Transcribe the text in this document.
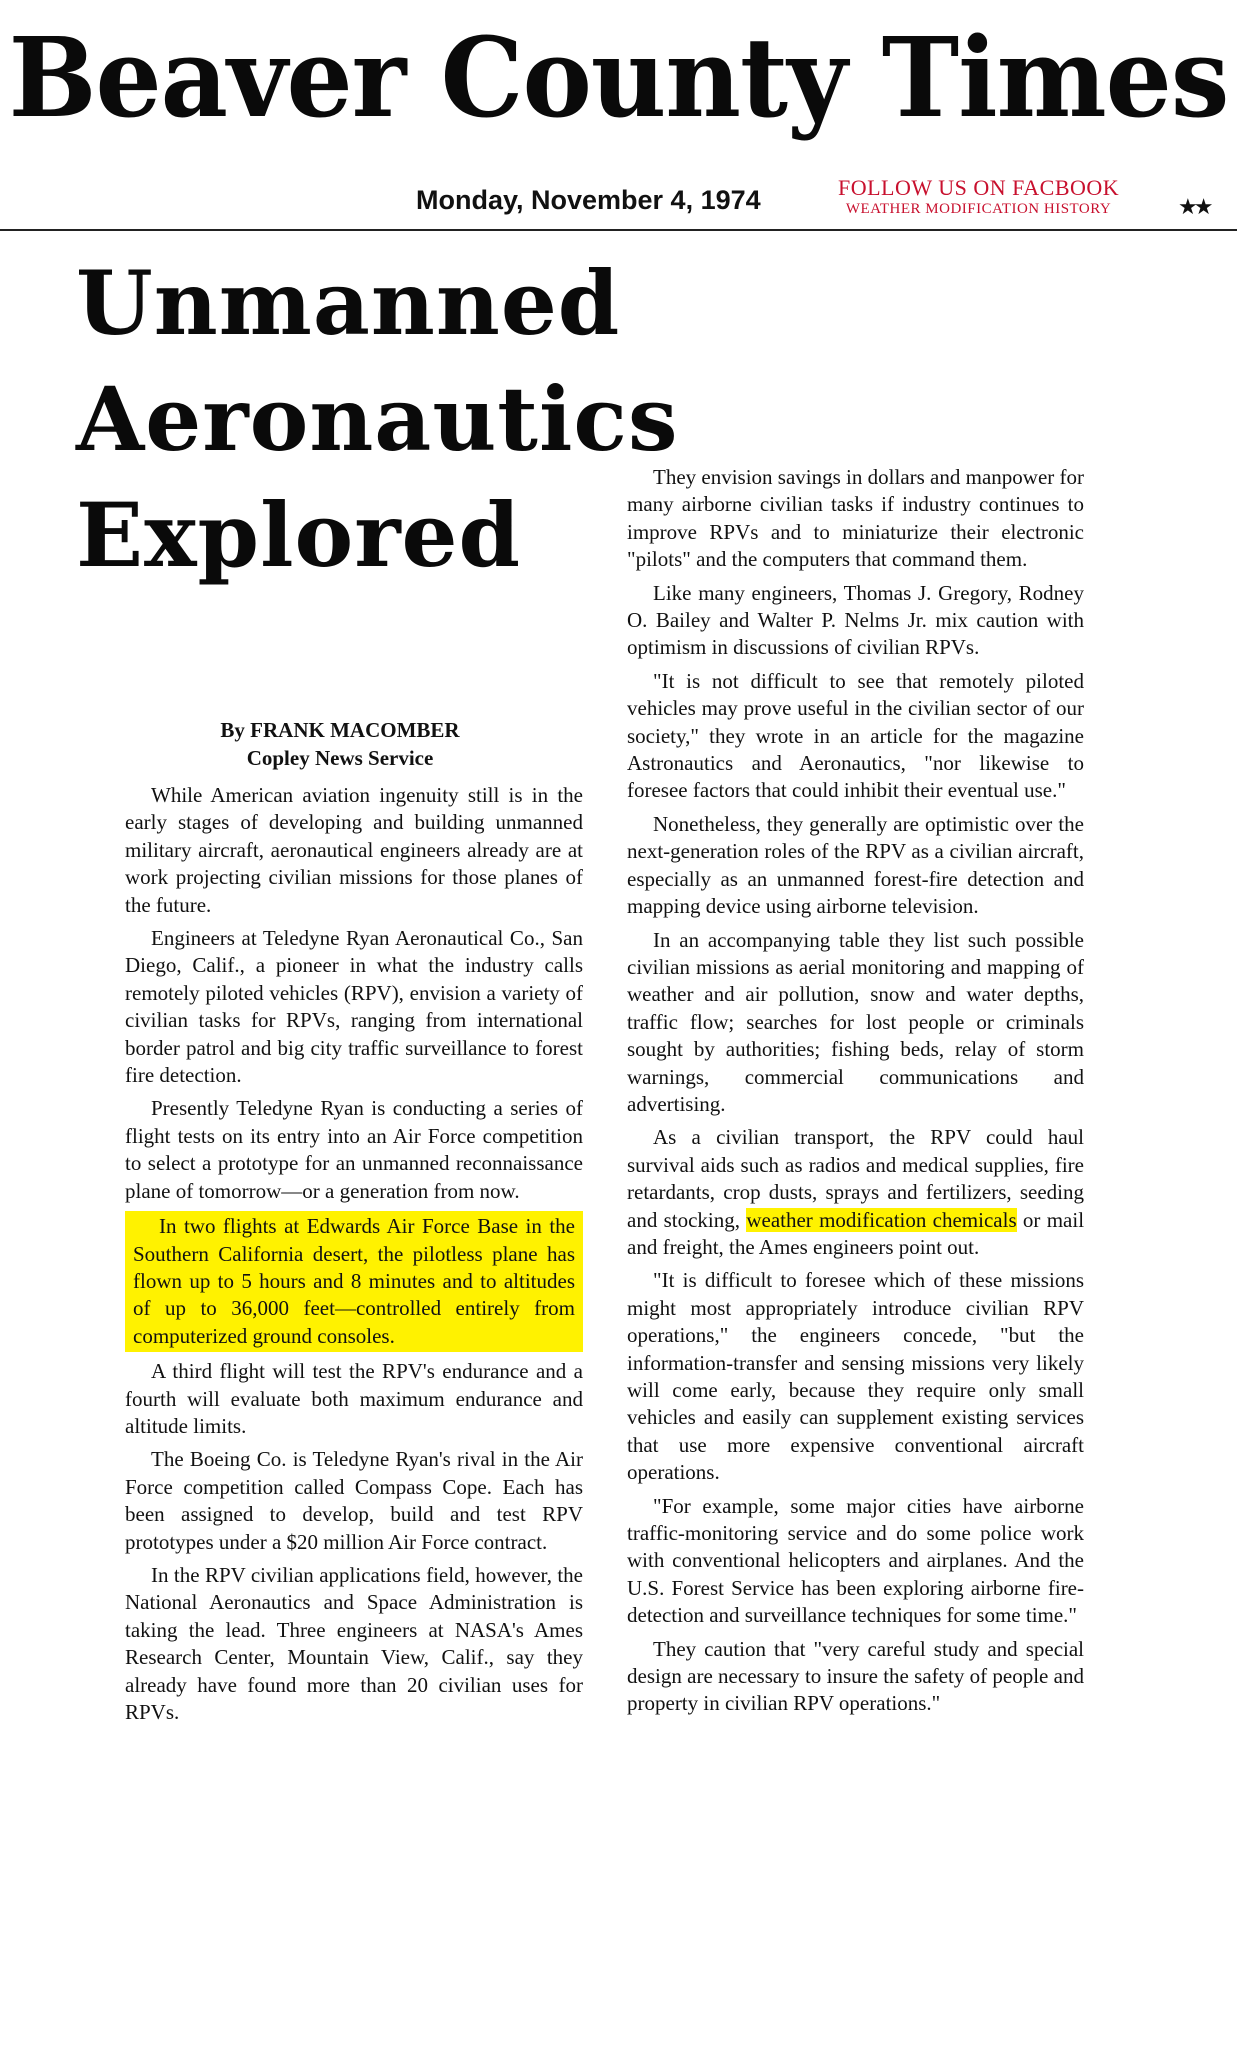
Beaver County Times
Monday, November 4, 1974	FOLLOW US ON FACBOOK
WEATHER MODIFICATION HISTORY	★★
Unmanned
Aeronautics
Explored
By FRANK MACOMBER
Copley News Service

While American aviation ingenuity still is in the early stages of developing and building unmanned military aircraft, aeronautical engineers already are at work projecting civilian missions for those planes of the future.

Engineers at Teledyne Ryan Aeronautical Co., San Diego, Calif., a pioneer in what the industry calls remotely piloted vehicles (RPV), envision a variety of civilian tasks for RPVs, ranging from international border patrol and big city traffic surveillance to forest fire detection.

Presently Teledyne Ryan is conducting a series of flight tests on its entry into an Air Force competition to select a prototype for an unmanned reconnaissance plane of tomorrow—or a generation from now.

In two flights at Edwards Air Force Base in the Southern California desert, the pilotless plane has flown up to 5 hours and 8 minutes and to altitudes of up to 36,000 feet—controlled entirely from computerized ground consoles.

A third flight will test the RPV's endurance and a fourth will evaluate both maximum endurance and altitude limits.

The Boeing Co. is Teledyne Ryan's rival in the Air Force competition called Compass Cope. Each has been assigned to develop, build and test RPV prototypes under a $20 million Air Force contract.

In the RPV civilian applications field, however, the National Aeronautics and Space Administration is taking the lead. Three engineers at NASA's Ames Research Center, Mountain View, Calif., say they already have found more than 20 civilian uses for RPVs.

They envision savings in dollars and manpower for many airborne civilian tasks if industry continues to improve RPVs and to miniaturize their electronic "pilots" and the computers that command them.

Like many engineers, Thomas J. Gregory, Rodney O. Bailey and Walter P. Nelms Jr. mix caution with optimism in discussions of civilian RPVs.

"It is not difficult to see that remotely piloted vehicles may prove useful in the civilian sector of our society," they wrote in an article for the magazine Astronautics and Aeronautics, "nor likewise to foresee factors that could inhibit their eventual use."

Nonetheless, they generally are optimistic over the next-generation roles of the RPV as a civilian aircraft, especially as an unmanned forest-fire detection and mapping device using airborne television.

In an accompanying table they list such possible civilian missions as aerial monitoring and mapping of weather and air pollution, snow and water depths, traffic flow; searches for lost people or criminals sought by authorities; fishing beds, relay of storm warnings, commercial communications and advertising.

As a civilian transport, the RPV could haul survival aids such as radios and medical supplies, fire retardants, crop dusts, sprays and fertilizers, seeding and stocking, weather modification chemicals or mail and freight, the Ames engineers point out.

"It is difficult to foresee which of these missions might most appropriately introduce civilian RPV operations," the engineers concede, "but the information-transfer and sensing missions very likely will come early, because they require only small vehicles and easily can supplement existing services that use more expensive conventional aircraft operations.

"For example, some major cities have airborne traffic-monitoring service and do some police work with conventional helicopters and airplanes. And the U.S. Forest Service has been exploring airborne fire-detection and surveillance techniques for some time."

They caution that "very careful study and special design are necessary to insure the safety of people and property in civilian RPV operations."
